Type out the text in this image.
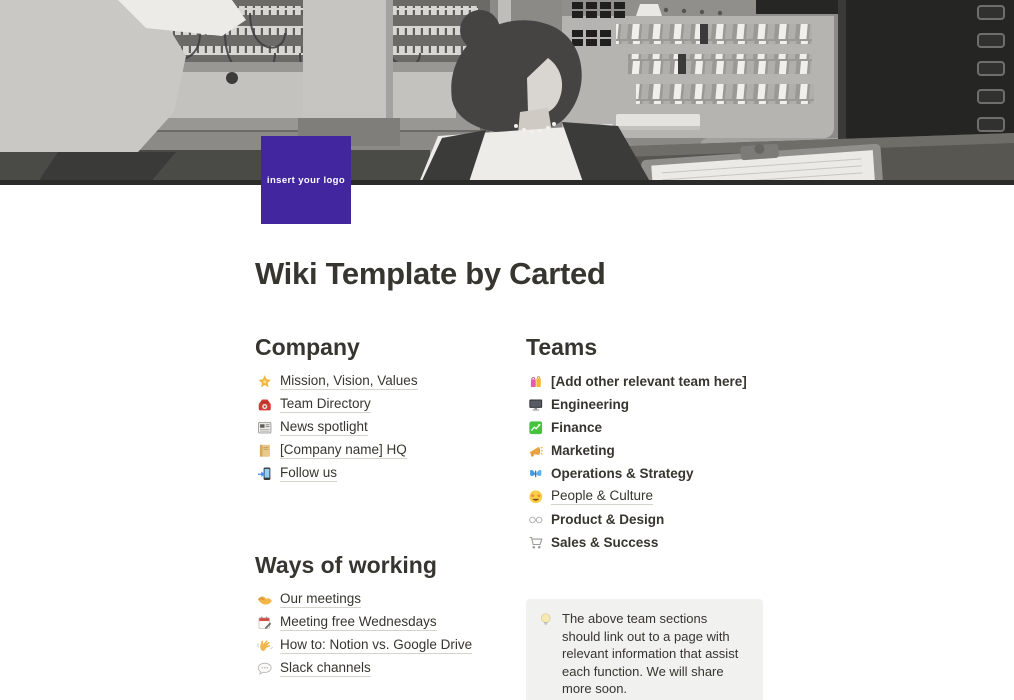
insert your logo
Wiki Template by Carted
Company
Mission, Vision, Values
Team Directory
News spotlight
[Company name] HQ
Follow us
Teams
[Add other relevant team here]
Engineering
Finance
Marketing
Operations & Strategy
People & Culture
Product & Design
Sales & Success
Ways of working
Our meetings
Meeting free Wednesdays
How to: Notion vs. Google Drive
Slack channels

The above team sections should link out to a page with relevant information that assist each function. We will share more soon.
